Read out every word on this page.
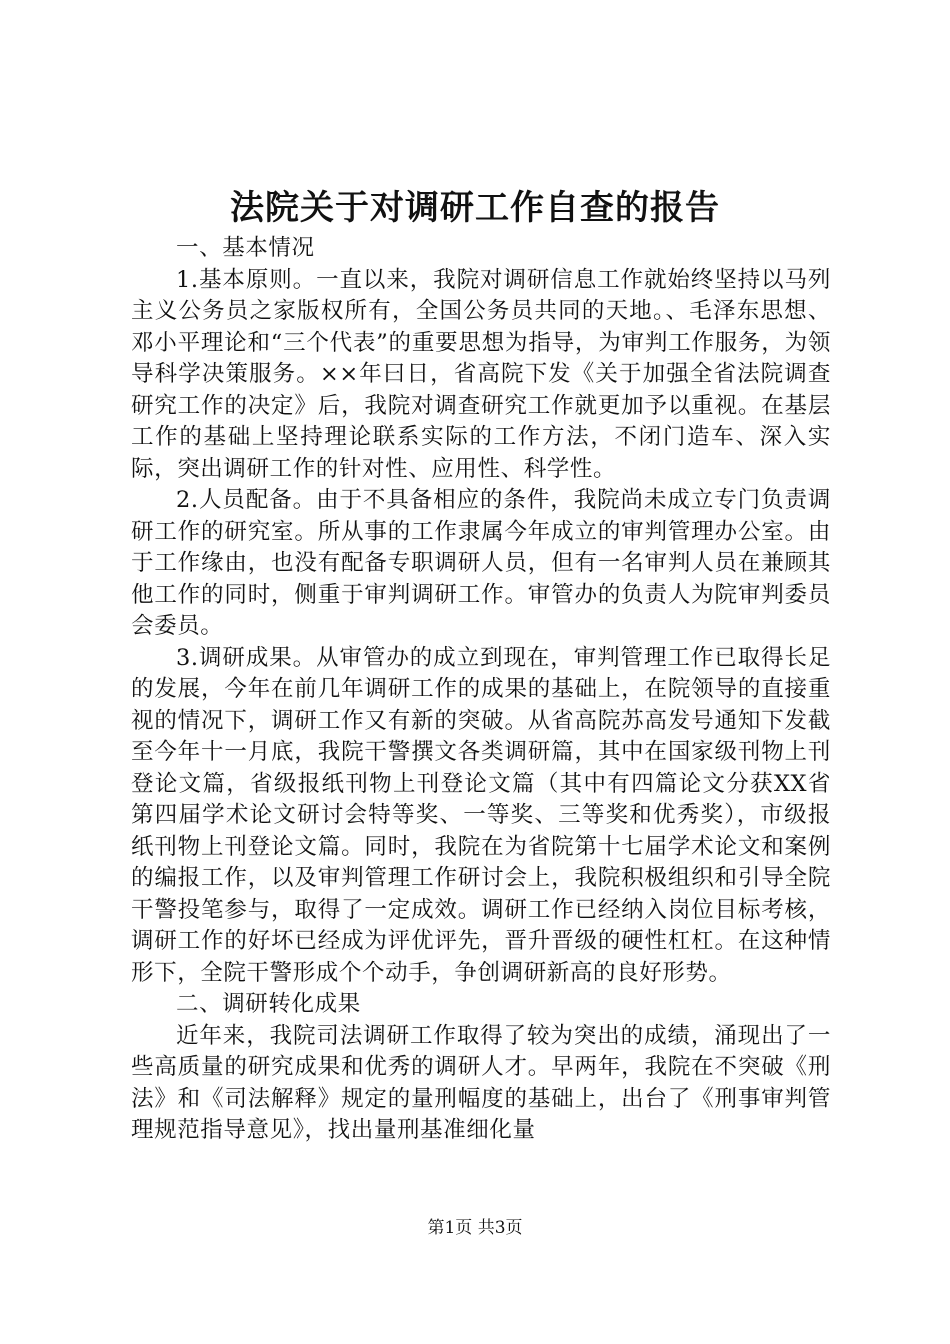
法院关于对调研工作自查的报告

一、基本情况

1.基本原则。一直以来，我院对调研信息工作就始终坚持以马列主义公务员之家版权所有，全国公务员共同的天地。、毛泽东思想、邓小平理论和“三个代表”的重要思想为指导，为审判工作服务，为领导科学决策服务。××年曰日，省高院下发《关于加强全省法院调查研究工作的决定》后，我院对调查研究工作就更加予以重视。在基层工作的基础上坚持理论联系实际的工作方法，不闭门造车、深入实际，突出调研工作的针对性、应用性、科学性。

2.人员配备。由于不具备相应的条件，我院尚未成立专门负责调研工作的研究室。所从事的工作隶属今年成立的审判管理办公室。由于工作缘由，也没有配备专职调研人员，但有一名审判人员在兼顾其他工作的同时，侧重于审判调研工作。审管办的负责人为院审判委员会委员。

3.调研成果。从审管办的成立到现在，审判管理工作已取得长足的发展，今年在前几年调研工作的成果的基础上，在院领导的直接重视的情况下，调研工作又有新的突破。从省高院苏高发号通知下发截至今年十一月底，我院干警撰文各类调研篇，其中在国家级刊物上刊登论文篇，省级报纸刊物上刊登论文篇（其中有四篇论文分获XX省第四届学术论文研讨会特等奖、一等奖、三等奖和优秀奖），市级报纸刊物上刊登论文篇。同时，我院在为省院第十七届学术论文和案例的编报工作，以及审判管理工作研讨会上，我院积极组织和引导全院干警投笔参与，取得了一定成效。调研工作已经纳入岗位目标考核，调研工作的好坏已经成为评优评先，晋升晋级的硬性杠杠。在这种情形下，全院干警形成个个动手，争创调研新高的良好形势。

二、调研转化成果

近年来，我院司法调研工作取得了较为突出的成绩，涌现出了一些高质量的研究成果和优秀的调研人才。早两年，我院在不突破《刑法》和《司法解释》规定的量刑幅度的基础上，出台了《刑事审判管理规范指导意见》，找出量刑基准细化量

第1页 共3页
